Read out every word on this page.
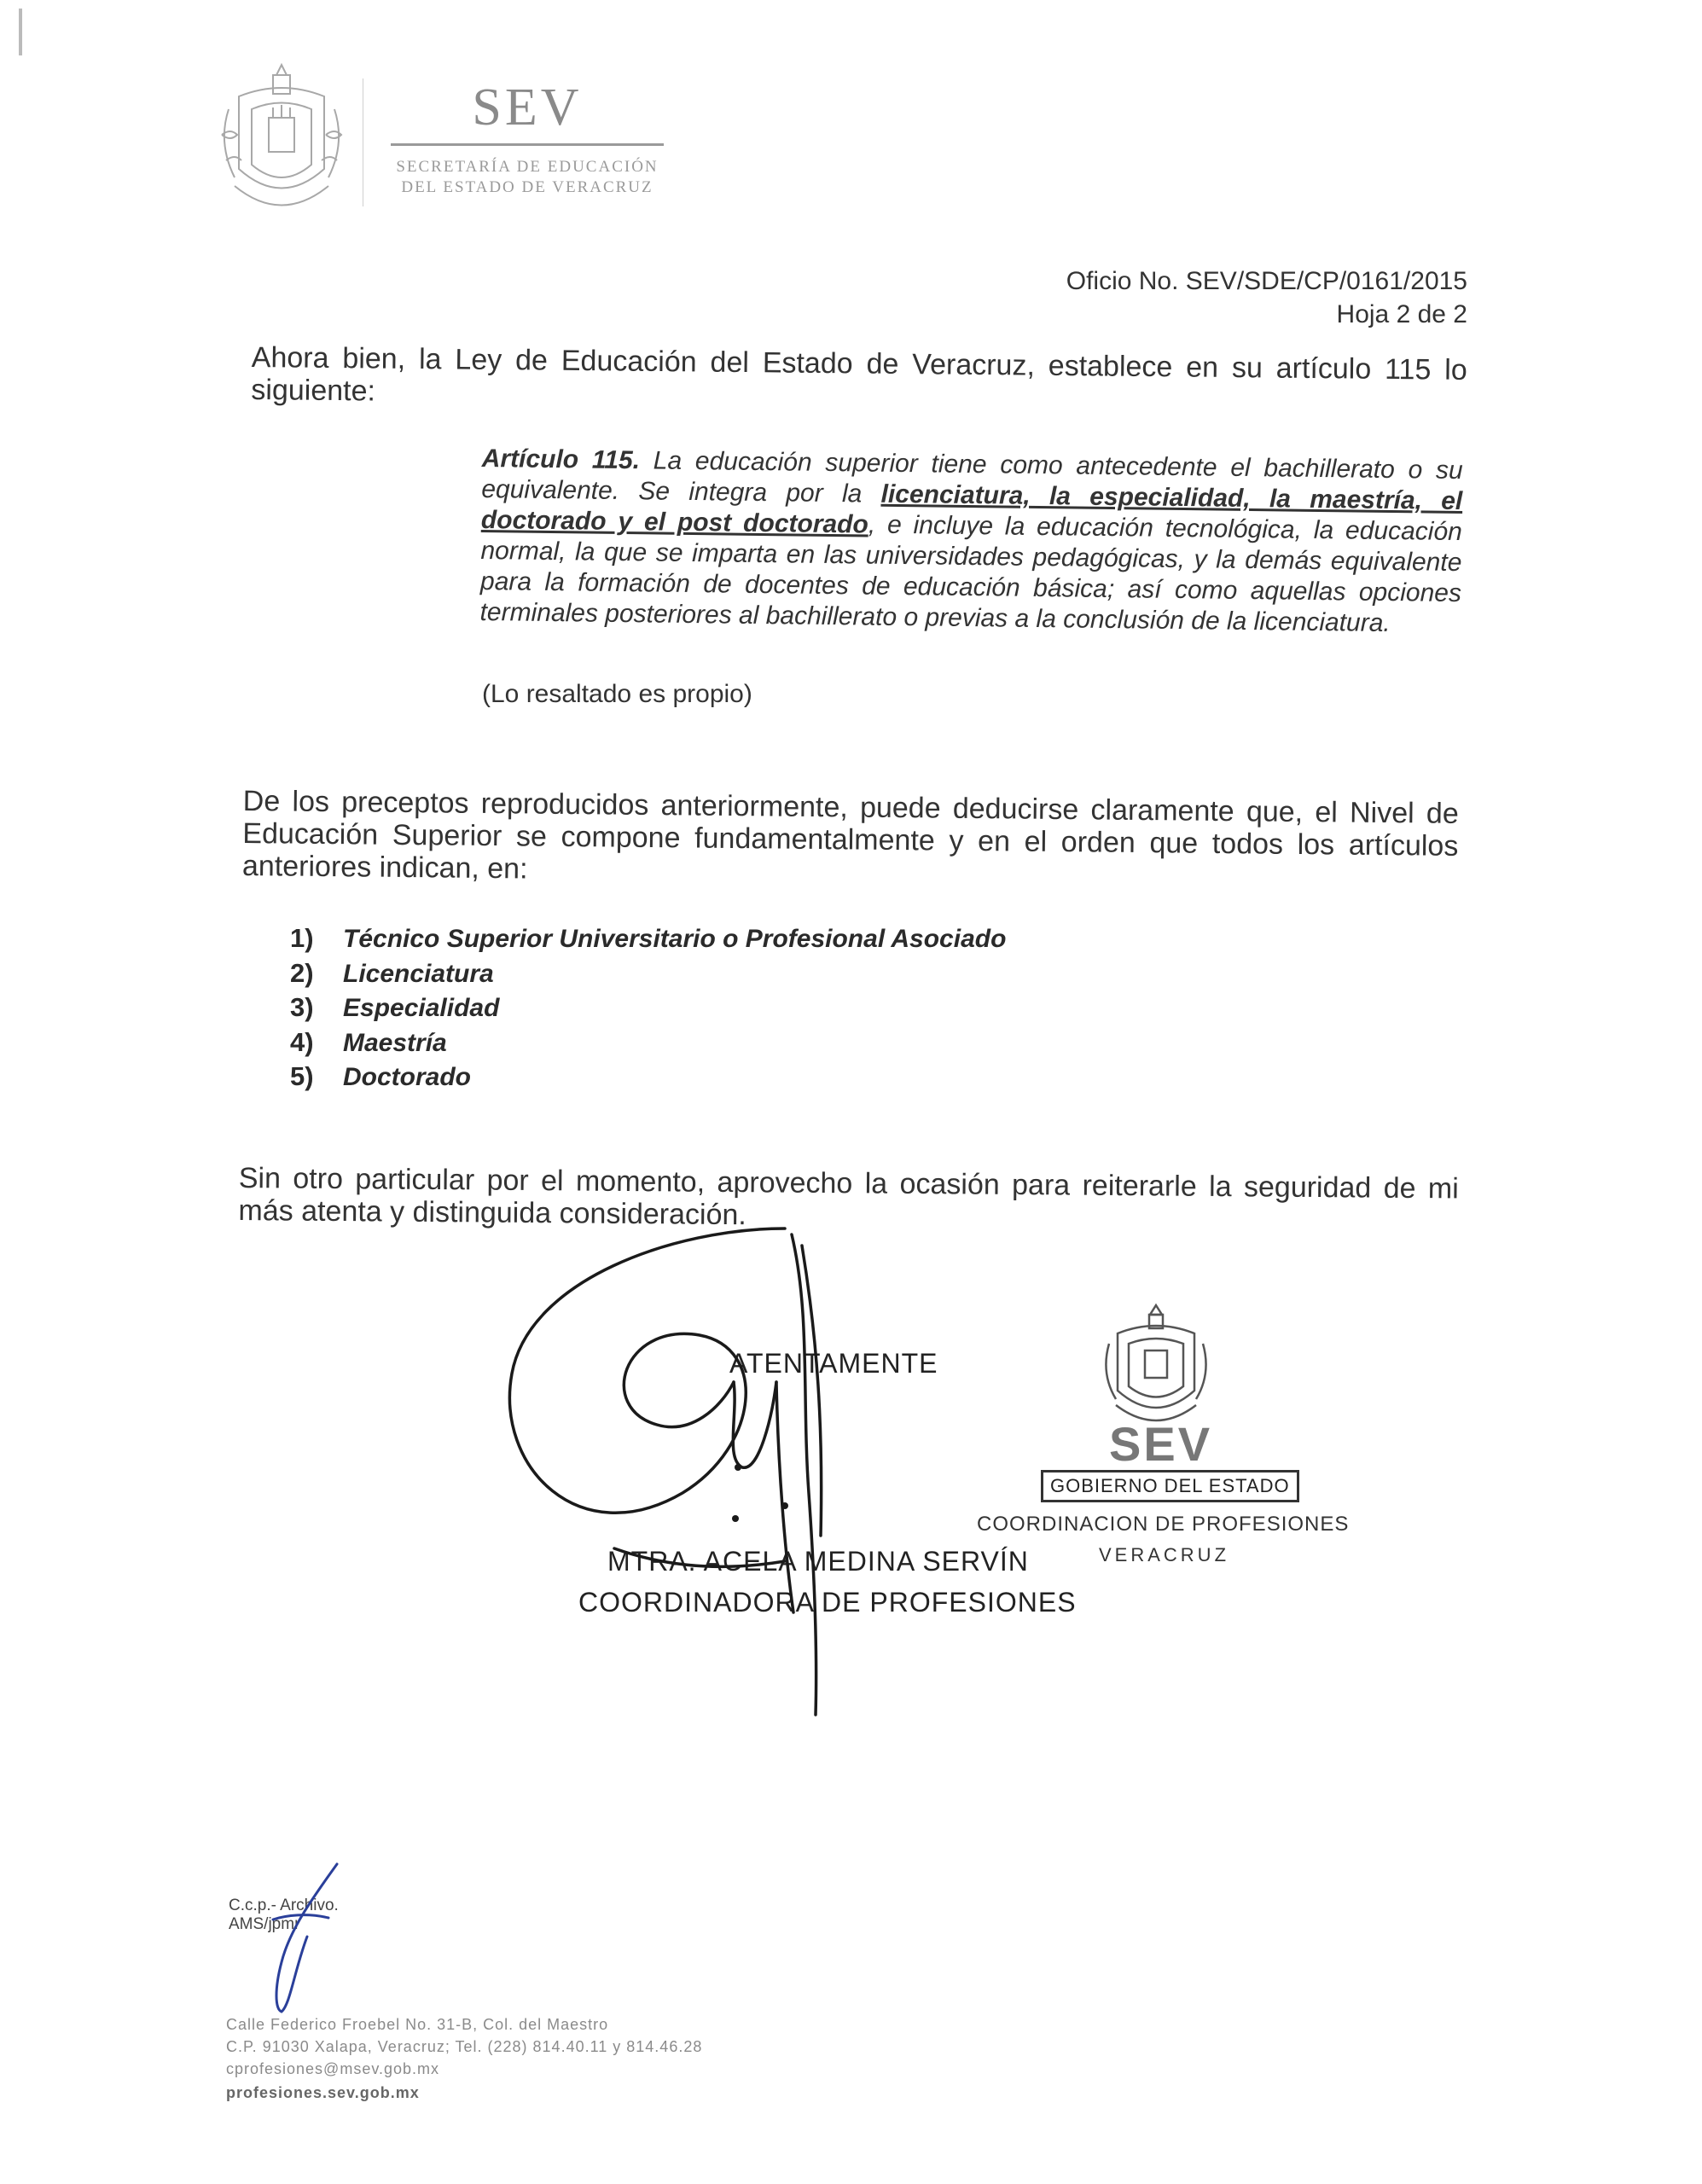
SEV
SECRETARÍA DE EDUCACIÓN
DEL ESTADO DE VERACRUZ
Oficio No. SEV/SDE/CP/0161/2015
Hoja 2 de 2
Ahora bien, la Ley de Educación del Estado de Veracruz, establece en su artículo 115 lo siguiente:
Artículo 115. La educación superior tiene como antecedente el bachillerato o su equivalente. Se integra por la licenciatura, la especialidad, la maestría, el doctorado y el post doctorado, e incluye la educación tecnológica, la educación normal, la que se imparta en las universidades pedagógicas, y la demás equivalente para la formación de docentes de educación básica; así como aquellas opciones terminales posteriores al bachillerato o previas a la conclusión de la licenciatura.
(Lo resaltado es propio)
De los preceptos reproducidos anteriormente, puede deducirse claramente que, el Nivel de Educación Superior se compone fundamentalmente y en el orden que todos los artículos anteriores indican, en:
1) Técnico Superior Universitario o Profesional Asociado
2) Licenciatura
3) Especialidad
4) Maestría
5) Doctorado
Sin otro particular por el momento, aprovecho la ocasión para reiterarle la seguridad de mi más atenta y distinguida consideración.
ATENTAMENTE
MTRA. ACELA MEDINA SERVÍN
COORDINADORA DE PROFESIONES
SEV
GOBIERNO DEL ESTADO
COORDINACION DE PROFESIONES
VERACRUZ
C.c.p.- Archivo.
AMS/jpmr
Calle Federico Froebel No. 31-B, Col. del Maestro
C.P. 91030 Xalapa, Veracruz; Tel. (228) 814.40.11 y 814.46.28
cprofesiones@msev.gob.mx
profesiones.sev.gob.mx
